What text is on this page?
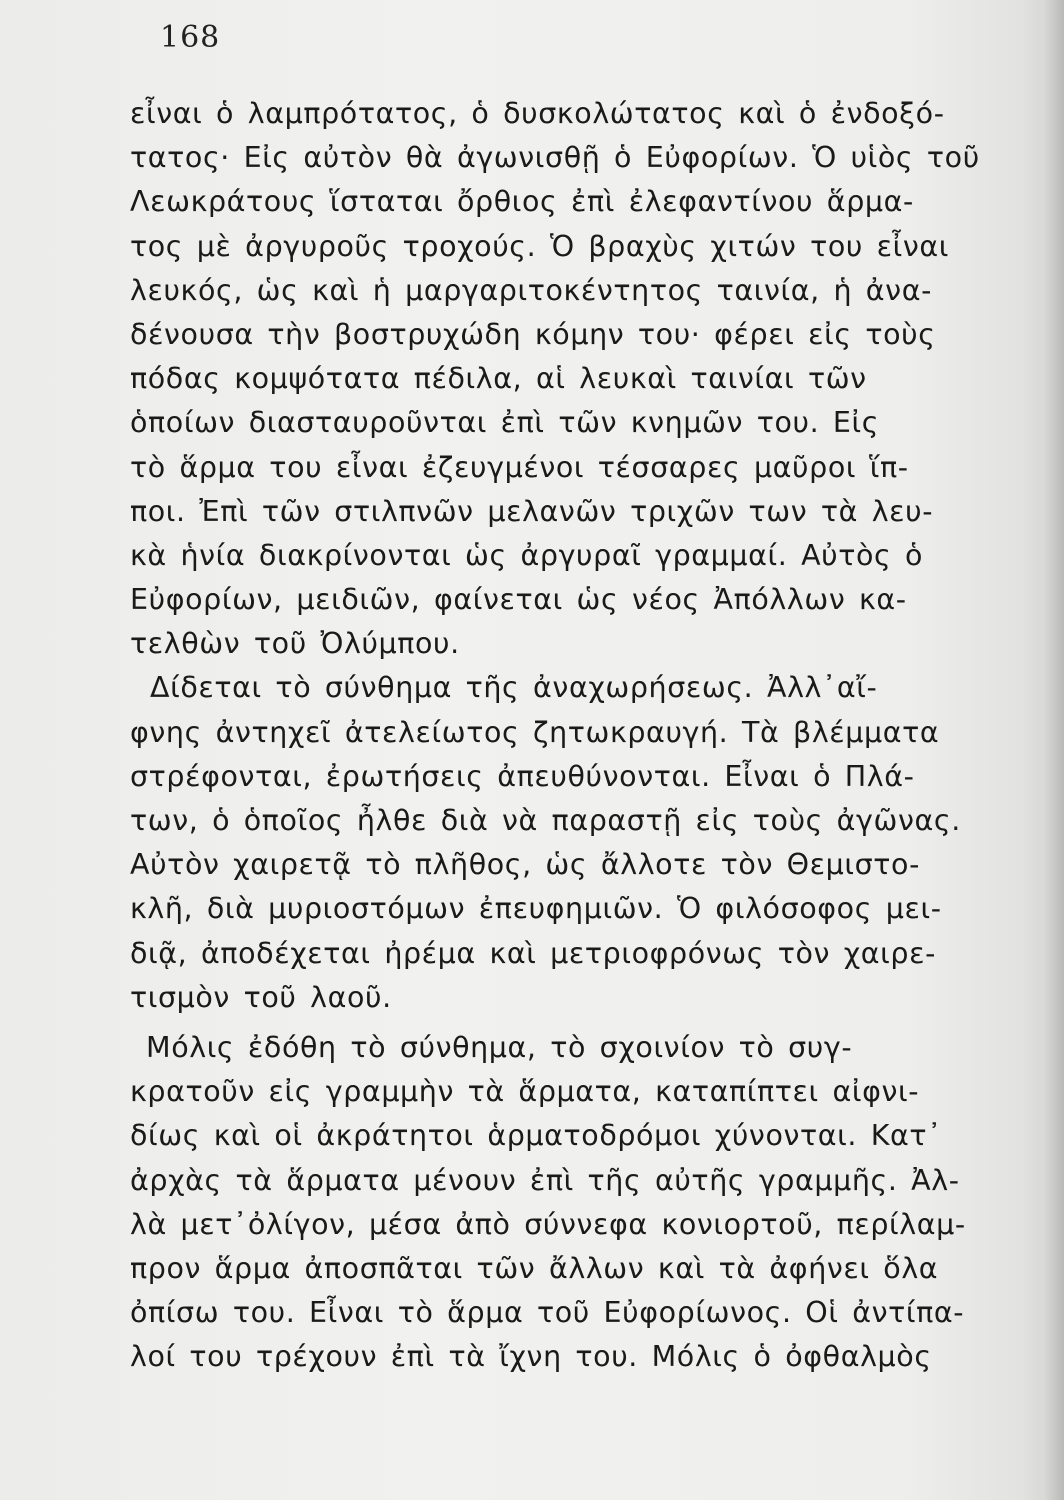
168
εἶναι ὁ λαμπρότατος, ὁ δυσκολώτατος καὶ ὁ ἐνδοξό-
τατος· Εἰς αὐτὸν θὰ ἀγωνισθῇ ὁ Εὐφορίων. Ὁ υἱὸς τοῦ
Λεωκράτους ἵσταται ὄρθιος ἐπὶ ἐλεφαντίνου ἅρμα-
τος μὲ ἀργυροῦς τροχούς. Ὁ βραχὺς χιτών του εἶναι
λευκός, ὡς καὶ ἡ μαργαριτοκέντητος ταινία, ἡ ἀνα-
δένουσα τὴν βοστρυχώδη κόμην του· φέρει εἰς τοὺς
πόδας κομψότατα πέδιλα, αἱ λευκαὶ ταινίαι τῶν
ὁποίων διασταυροῦνται ἐπὶ τῶν κνημῶν του. Εἰς
τὸ ἅρμα του εἶναι ἐζευγμένοι τέσσαρες μαῦροι ἵπ-
ποι. Ἐπὶ τῶν στιλπνῶν μελανῶν τριχῶν των τὰ λευ-
κὰ ἡνία διακρίνονται ὡς ἀργυραῖ γραμμαί. Αὐτὸς ὁ
Εὐφορίων, μειδιῶν, φαίνεται ὡς νέος Ἀπόλλων κα-
τελθὼν τοῦ Ὀλύμπου.
Δίδεται τὸ σύνθημα τῆς ἀναχωρήσεως. Ἀλλ᾽αἴ-
φνης ἀντηχεῖ ἀτελείωτος ζητωκραυγή. Τὰ βλέμματα
στρέφονται, ἐρωτήσεις ἀπευθύνονται. Εἶναι ὁ Πλά-
των, ὁ ὁποῖος ἦλθε διὰ νὰ παραστῇ εἰς τοὺς ἀγῶνας.
Αὐτὸν χαιρετᾷ τὸ πλῆθος, ὡς ἄλλοτε τὸν Θεμιστο-
κλῆ, διὰ μυριοστόμων ἐπευφημιῶν. Ὁ φιλόσοφος μει-
διᾷ, ἀποδέχεται ἠρέμα καὶ μετριοφρόνως τὸν χαιρε-
τισμὸν τοῦ λαοῦ.
Μόλις ἐδόθη τὸ σύνθημα, τὸ σχοινίον τὸ συγ-
κρατοῦν εἰς γραμμὴν τὰ ἅρματα, καταπίπτει αἰφνι-
δίως καὶ οἱ ἀκράτητοι ἁρματοδρόμοι χύνονται. Κατ᾽
ἀρχὰς τὰ ἅρματα μένουν ἐπὶ τῆς αὐτῆς γραμμῆς. Ἀλ-
λὰ μετ᾽ὀλίγον, μέσα ἀπὸ σύννεφα κονιορτοῦ, περίλαμ-
προν ἅρμα ἀποσπᾶται τῶν ἄλλων καὶ τὰ ἀφήνει ὅλα
ὀπίσω του. Εἶναι τὸ ἅρμα τοῦ Εὐφορίωνος. Οἱ ἀντίπα-
λοί του τρέχουν ἐπὶ τὰ ἴχνη του. Μόλις ὁ ὀφθαλμὸς
